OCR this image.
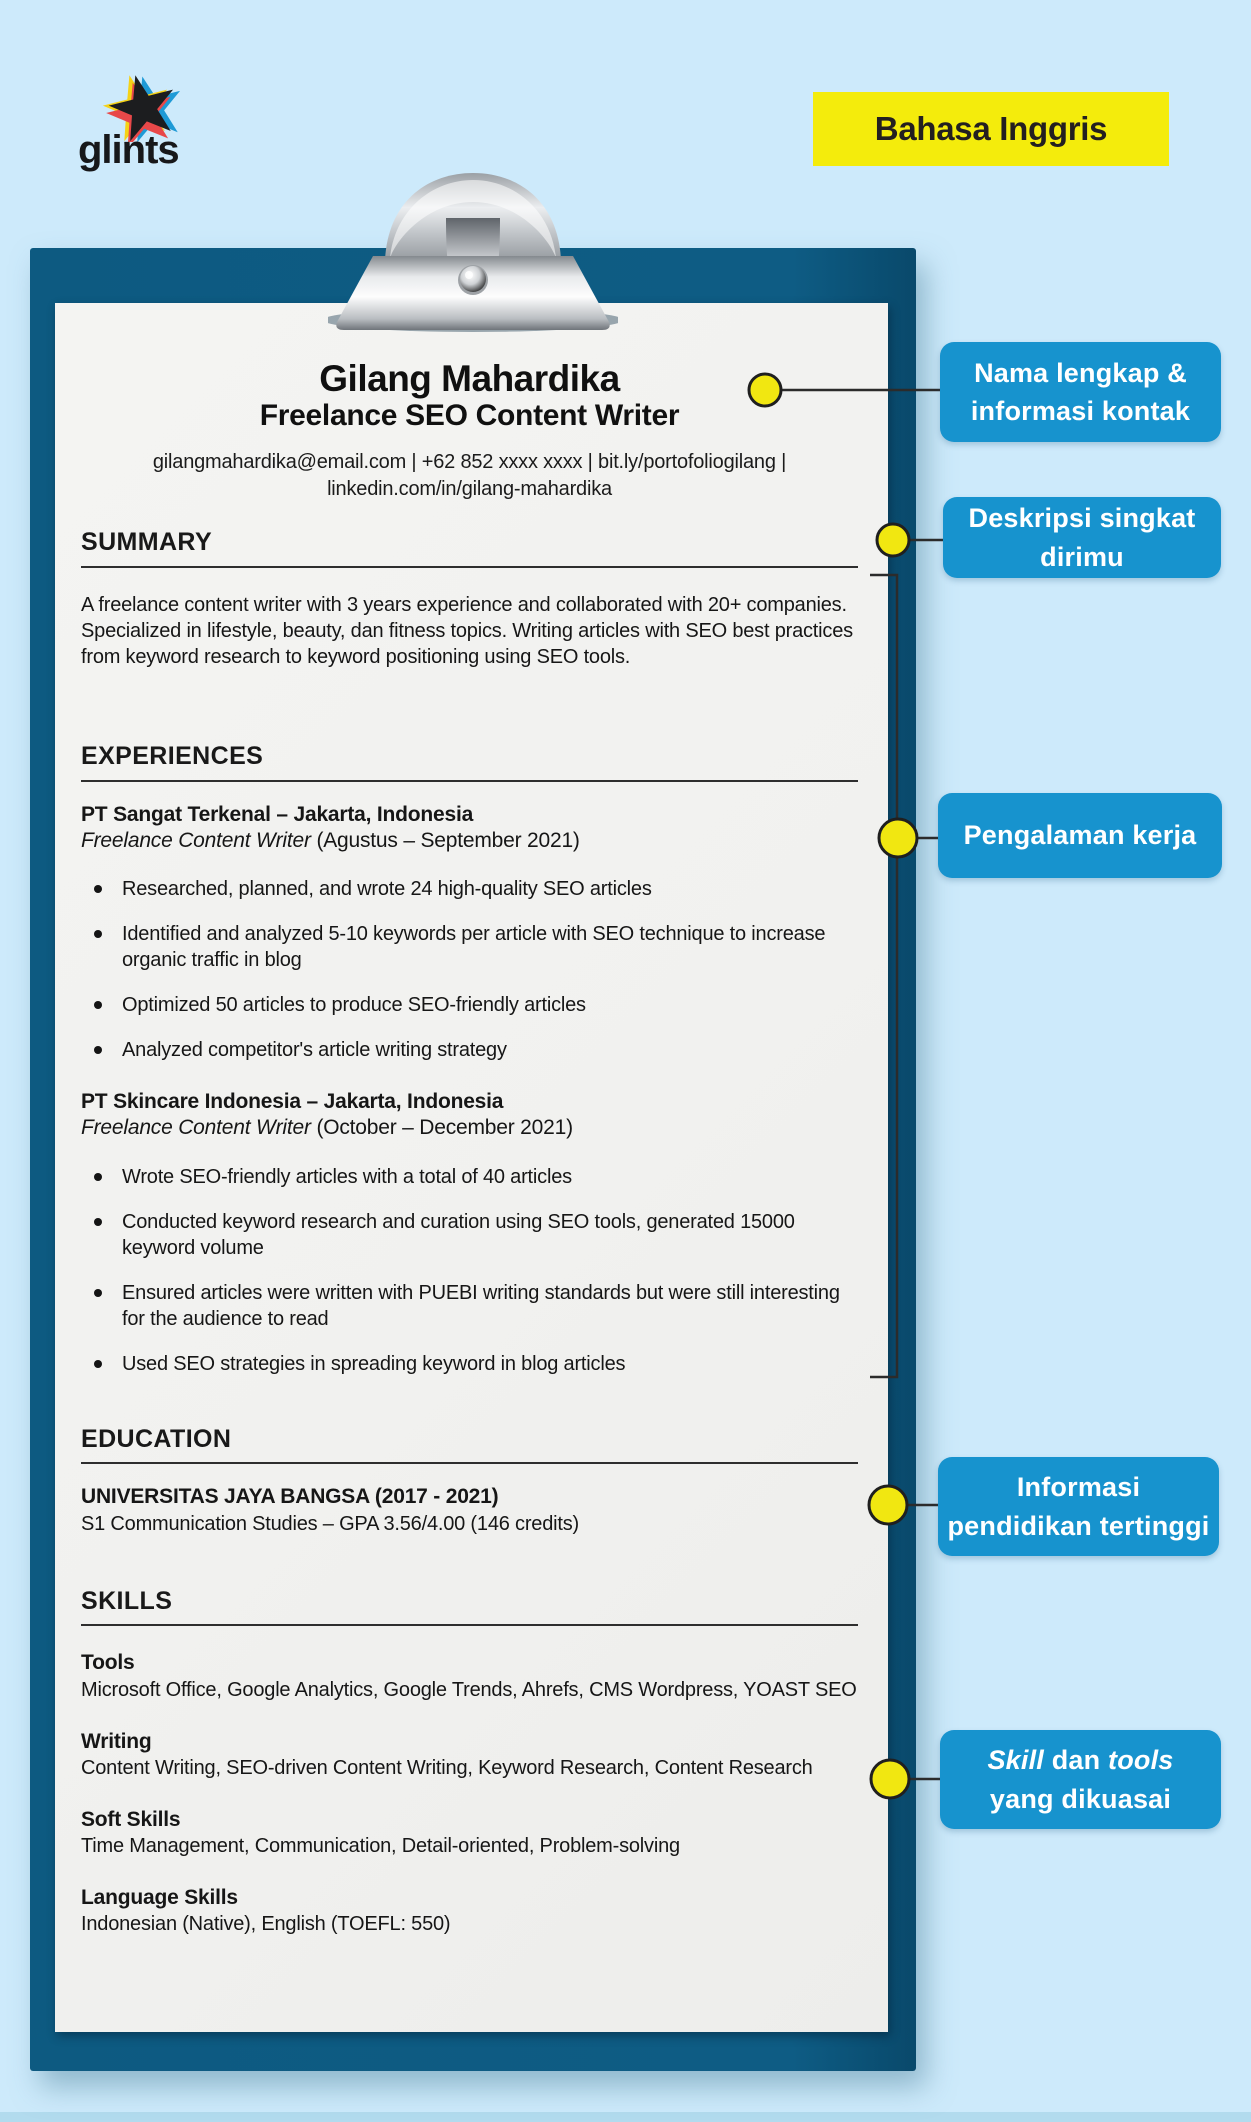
glints	Bahasa Inggris
Gilang Mahardika
Freelance SEO Content Writer
gilangmahardika@email.com | +62 852 xxxx xxxx | bit.ly/portofoliogilang |
linkedin.com/in/gilang-mahardika
SUMMARY
A freelance content writer with 3 years experience and collaborated with 20+ companies. Specialized in lifestyle, beauty, dan fitness topics. Writing articles with SEO best practices from keyword research to keyword positioning using SEO tools.
EXPERIENCES
PT Sangat Terkenal – Jakarta, Indonesia
Freelance Content Writer (Agustus – September 2021)
Researched, planned, and wrote 24 high-quality SEO articles
Identified and analyzed 5-10 keywords per article with SEO technique to increase organic traffic in blog
Optimized 50 articles to produce SEO-friendly articles
Analyzed competitor's article writing strategy
PT Skincare Indonesia – Jakarta, Indonesia
Freelance Content Writer (October – December 2021)
Wrote SEO-friendly articles with a total of 40 articles
Conducted keyword research and curation using SEO tools, generated 15000 keyword volume
Ensured articles were written with PUEBI writing standards but were still interesting for the audience to read
Used SEO strategies in spreading keyword in blog articles
EDUCATION
UNIVERSITAS JAYA BANGSA (2017 - 2021)
S1 Communication Studies – GPA 3.56/4.00 (146 credits)
SKILLS
Tools
Microsoft Office, Google Analytics, Google Trends, Ahrefs, CMS Wordpress, YOAST SEO
Writing
Content Writing, SEO-driven Content Writing, Keyword Research, Content Research
Soft Skills
Time Management, Communication, Detail-oriented, Problem-solving
Language Skills
Indonesian (Native), English (TOEFL: 550)
Nama lengkap &
informasi kontak
Deskripsi singkat
dirimu
Pengalaman kerja
Informasi
pendidikan tertinggi
Skill dan tools
yang dikuasai
